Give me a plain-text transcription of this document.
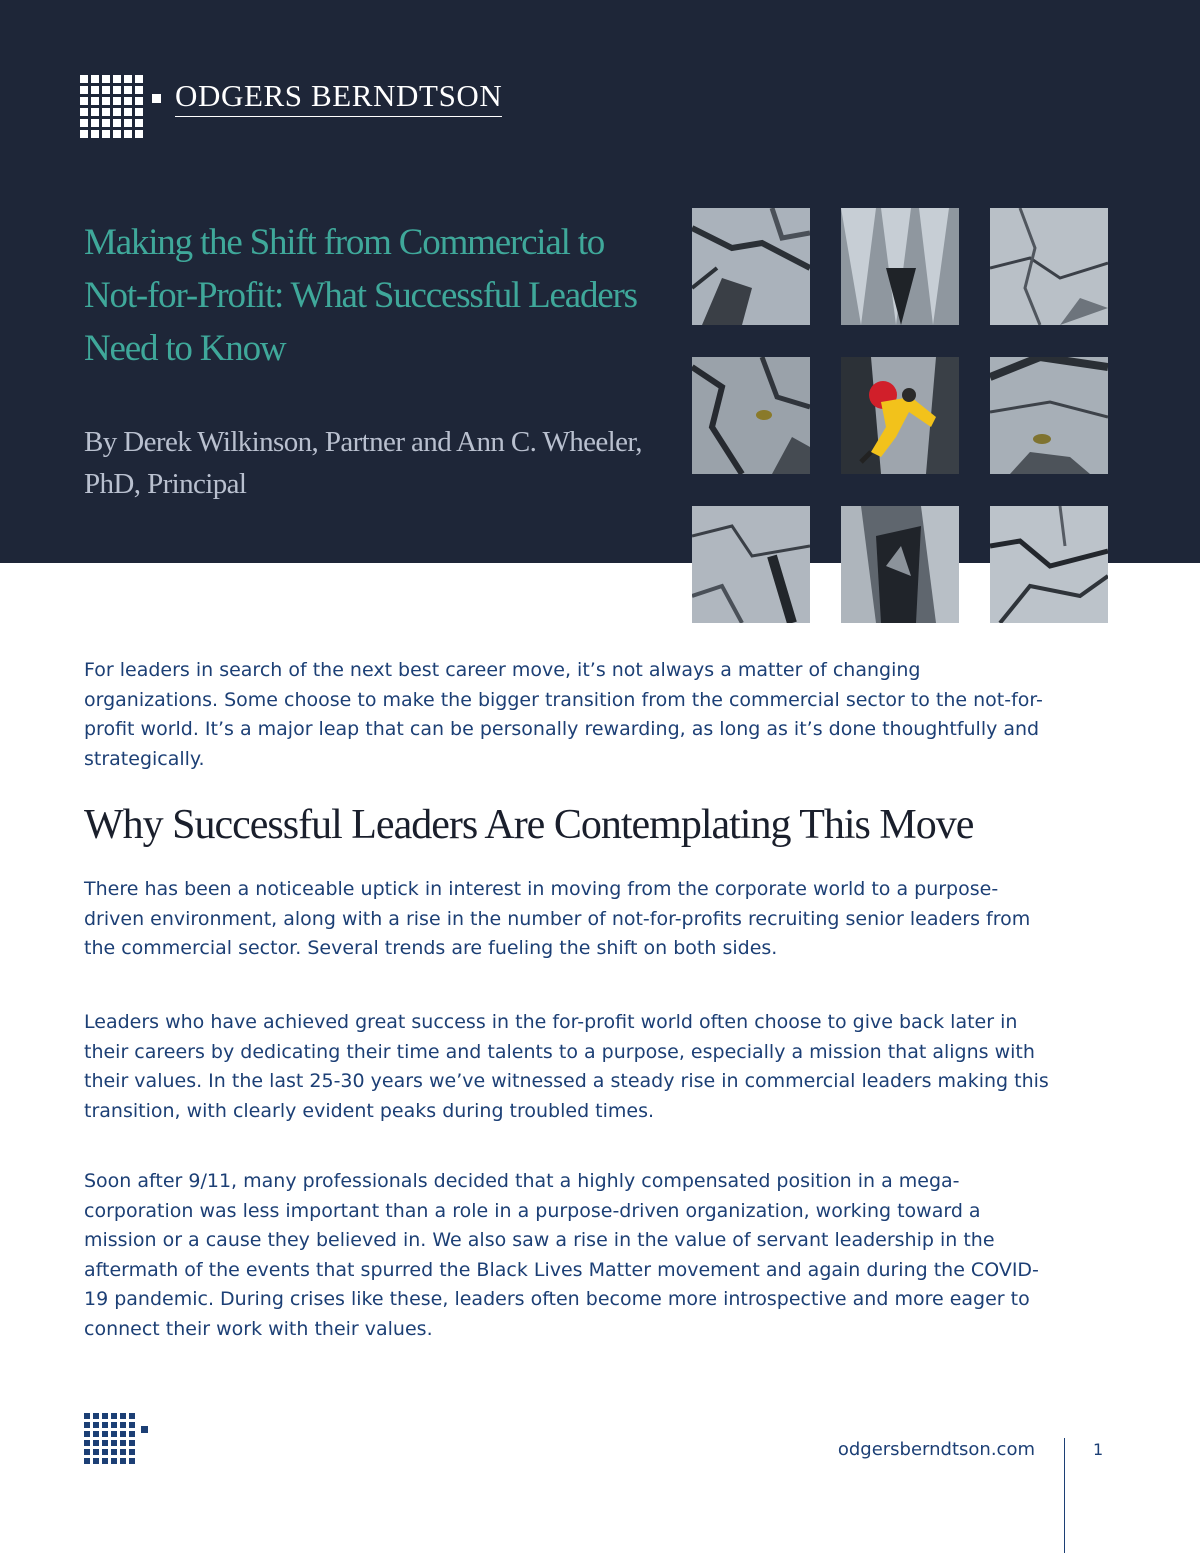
ODGERS BERNDTSON
Making the Shift from Commercial to Not-for-Profit: What Successful Leaders Need to Know

By Derek Wilkinson, Partner and Ann C. Wheeler, PhD, Principal

For leaders in search of the next best career move, it’s not always a matter of changing organizations. Some choose to make the bigger transition from the commercial sector to the not-for-profit world. It’s a major leap that can be personally rewarding, as long as it’s done thoughtfully and strategically.

Why Successful Leaders Are Contemplating This Move

There has been a noticeable uptick in interest in moving from the corporate world to a purpose-driven environment, along with a rise in the number of not-for-profits recruiting senior leaders from the commercial sector. Several trends are fueling the shift on both sides.

Leaders who have achieved great success in the for-profit world often choose to give back later in their careers by dedicating their time and talents to a purpose, especially a mission that aligns with their values. In the last 25-30 years we’ve witnessed a steady rise in commercial leaders making this transition, with clearly evident peaks during troubled times.

Soon after 9/11, many professionals decided that a highly compensated position in a mega-corporation was less important than a role in a purpose-driven organization, working toward a mission or a cause they believed in. We also saw a rise in the value of servant leadership in the aftermath of the events that spurred the Black Lives Matter movement and again during the COVID-19 pandemic. During crises like these, leaders often become more introspective and more eager to connect their work with their values.

odgersberndtson.com	1
